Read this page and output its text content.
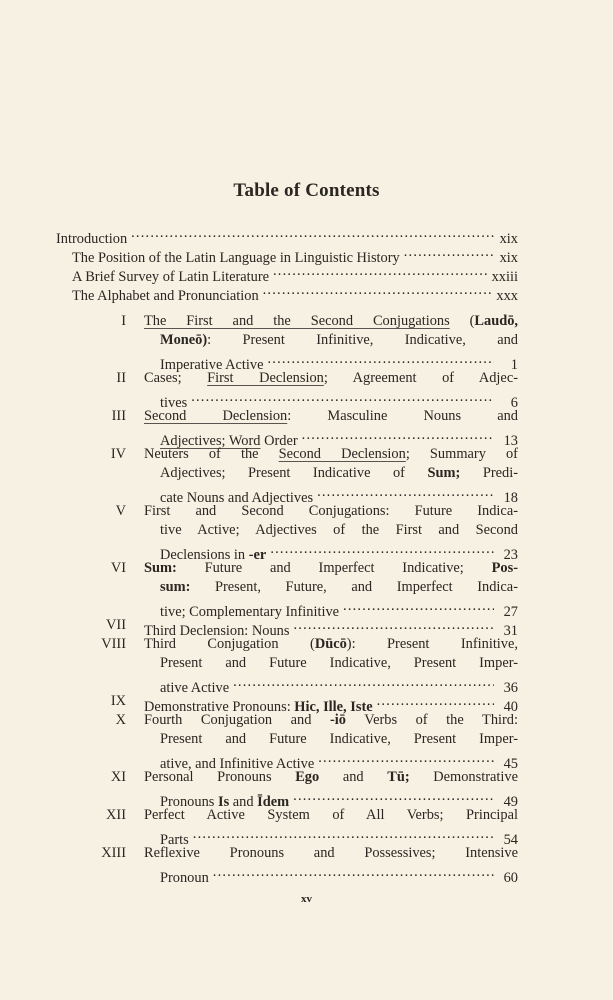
Table of Contents
Introduction . . .	xix
The Position of the Latin Language in Linguistic History . . .	xix
A Brief Survey of Latin Literature . . .	xxiii
The Alphabet and Pronunciation . . .	xxx
I The First and the Second Conjugations (Laudō,
Moneō): Present Infinitive, Indicative, and
Imperative Active . . .	1
II Cases; First Declension; Agreement of Adjec-
tives . . .	6
III Second Declension: Masculine Nouns and
Adjectives; Word Order . . .	13
IV Neuters of the Second Declension; Summary of
Adjectives; Present Indicative of Sum; Predi-
cate Nouns and Adjectives . . .	18
V First and Second Conjugations: Future Indica-
tive Active; Adjectives of the First and Second
Declensions in -er . . .	23
VI Sum: Future and Imperfect Indicative; Pos-
sum: Present, Future, and Imperfect Indica-
tive; Complementary Infinitive . . .	27
VII Third Declension: Nouns . . .	31
VIII Third Conjugation (Dūcō): Present Infinitive,
Present and Future Indicative, Present Imper-
ative Active . . .	36
IX Demonstrative Pronouns: Hic, Ille, Iste . . .	40
X Fourth Conjugation and -iō Verbs of the Third:
Present and Future Indicative, Present Imper-
ative, and Infinitive Active . . .	45
XI Personal Pronouns Ego and Tū; Demonstrative
Pronouns Is and Īdem . . .	49
XII Perfect Active System of All Verbs; Principal
Parts . . .	54
XIII Reflexive Pronouns and Possessives; Intensive
Pronoun . . .	60
xv
